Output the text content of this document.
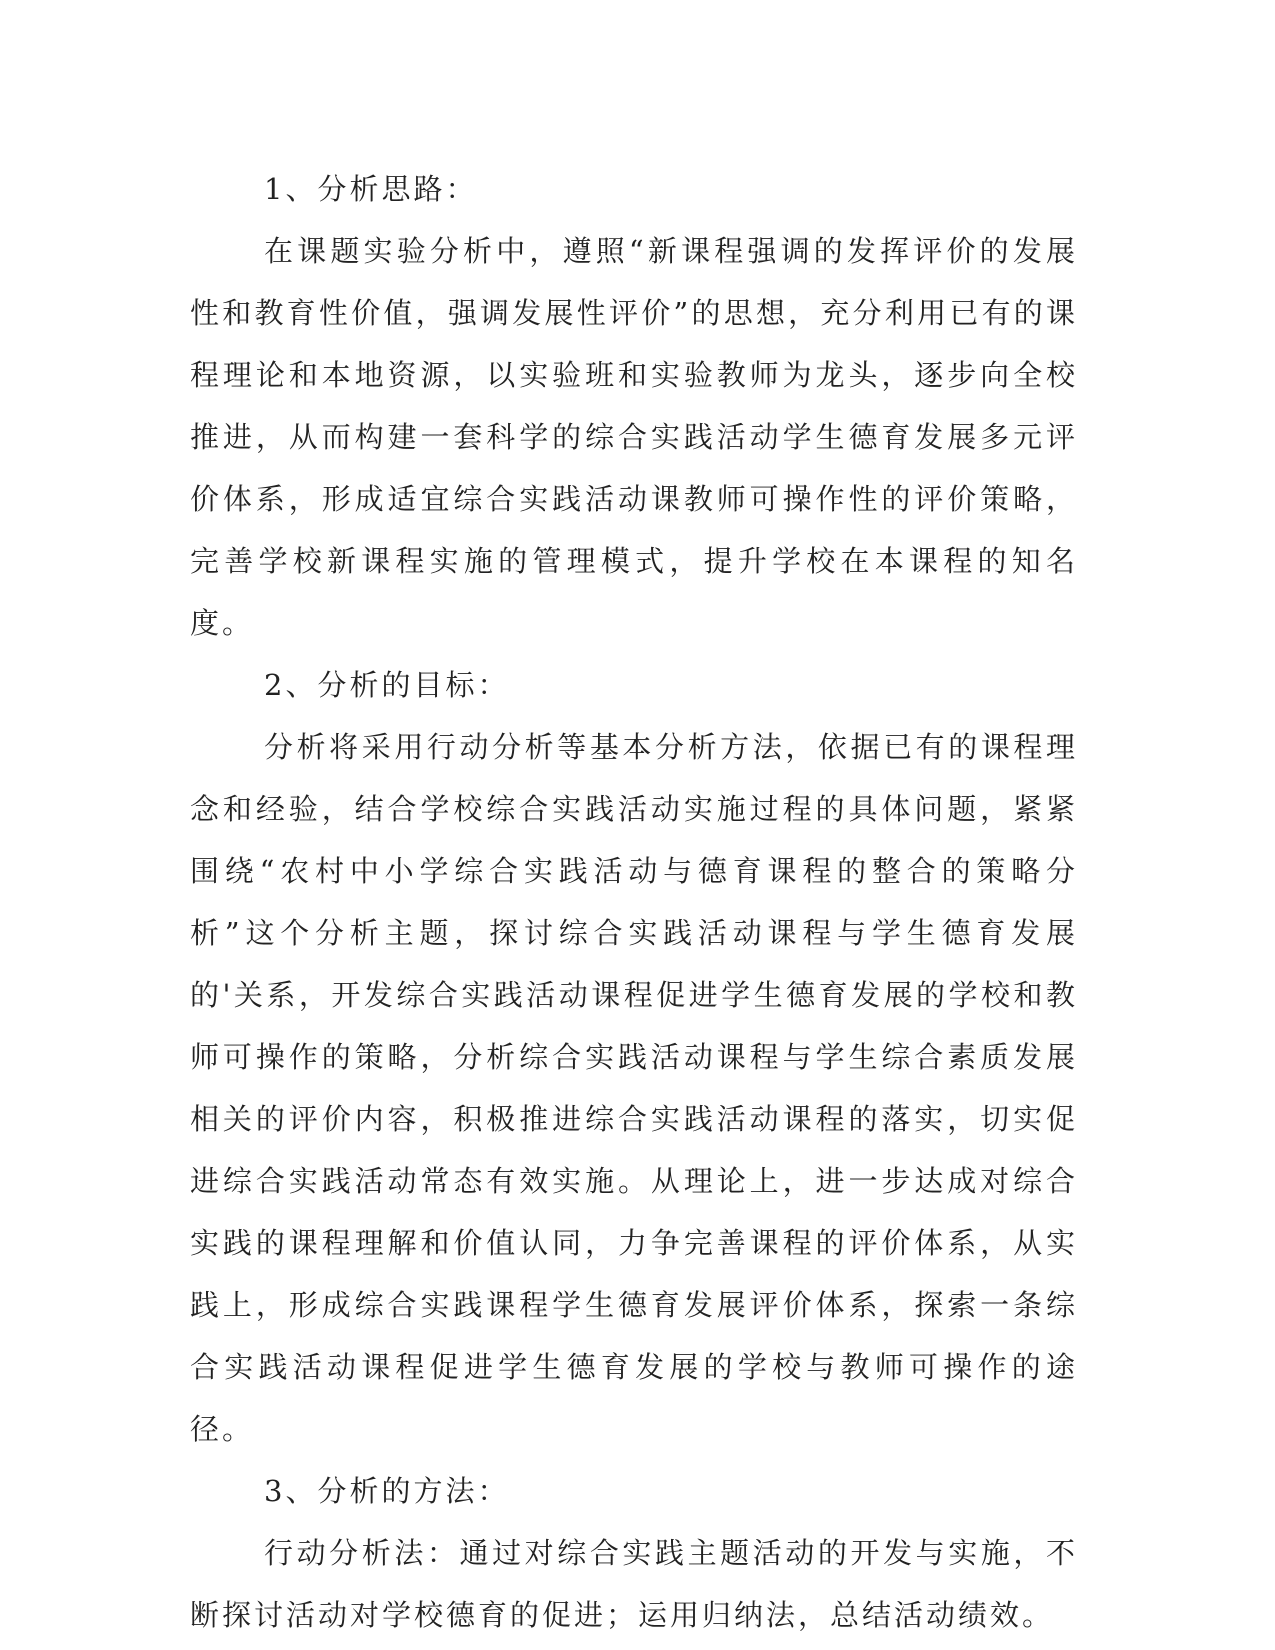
1、分析思路：

在课题实验分析中，遵照“新课程强调的发挥评价的发展性和教育性价值，强调发展性评价”的思想，充分利用已有的课程理论和本地资源，以实验班和实验教师为龙头，逐步向全校推进，从而构建一套科学的综合实践活动学生德育发展多元评价体系，形成适宜综合实践活动课教师可操作性的评价策略，完善学校新课程实施的管理模式，提升学校在本课程的知名度。

2、分析的目标：

分析将采用行动分析等基本分析方法，依据已有的课程理念和经验，结合学校综合实践活动实施过程的具体问题，紧紧围绕“农村中小学综合实践活动与德育课程的整合的策略分析”这个分析主题，探讨综合实践活动课程与学生德育发展的'关系，开发综合实践活动课程促进学生德育发展的学校和教师可操作的策略，分析综合实践活动课程与学生综合素质发展相关的评价内容，积极推进综合实践活动课程的落实，切实促进综合实践活动常态有效实施。从理论上，进一步达成对综合实践的课程理解和价值认同，力争完善课程的评价体系，从实践上，形成综合实践课程学生德育发展评价体系，探索一条综合实践活动课程促进学生德育发展的学校与教师可操作的途径。

3、分析的方法：

行动分析法：通过对综合实践主题活动的开发与实施，不断探讨活动对学校德育的促进；运用归纳法，总结活动绩效。
